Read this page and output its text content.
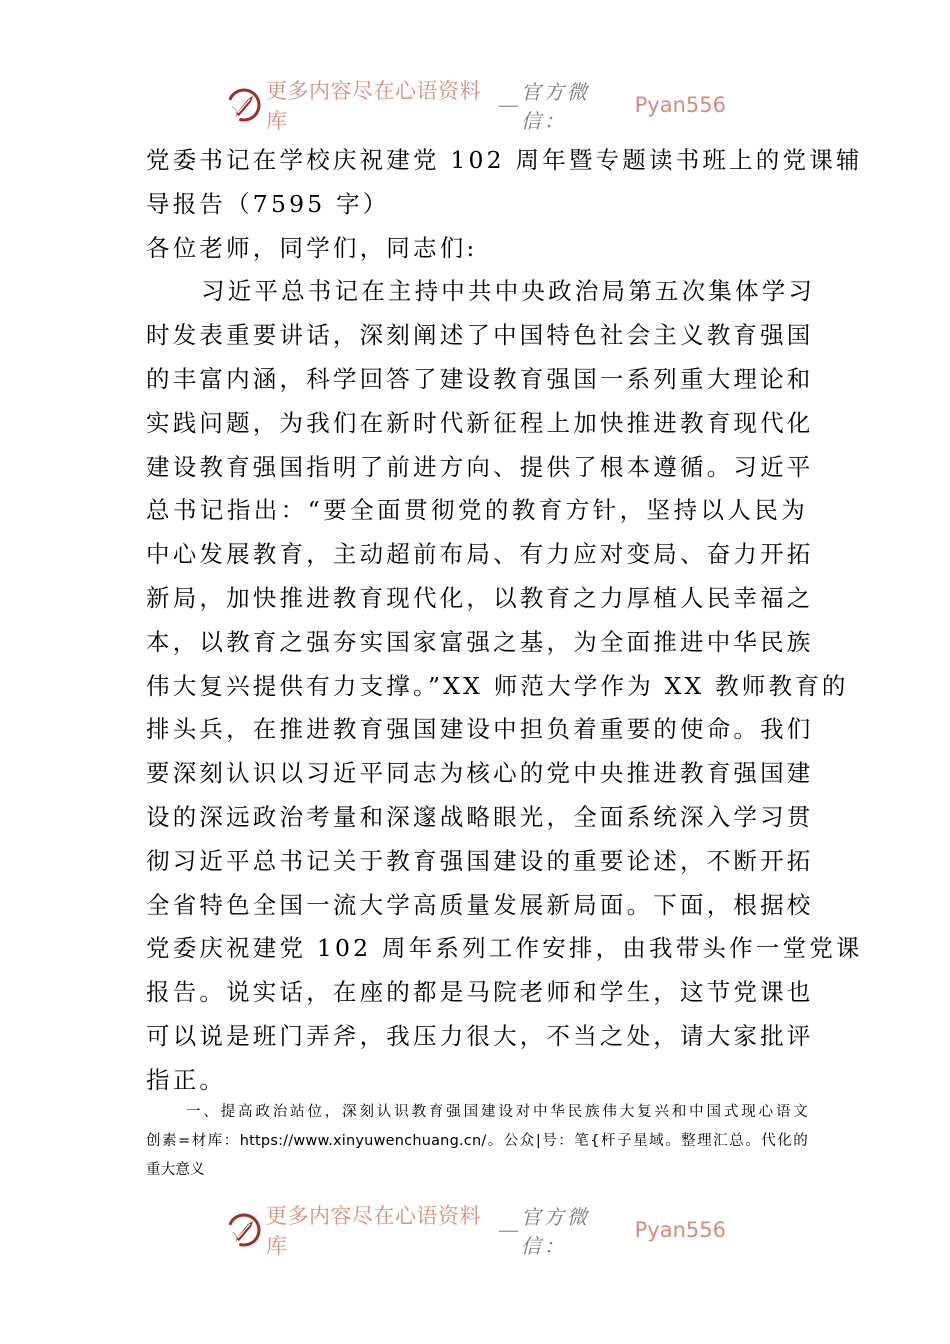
更多内容尽在心语资料库
—
官方微信：
Pyan556
党委书记在学校庆祝建党 102 周年暨专题读书班上的党课辅
导报告（7595 字）
各位老师，同学们，同志们:
习近平总书记在主持中共中央政治局第五次集体学习
时发表重要讲话，深刻阐述了中国特色社会主义教育强国
的丰富内涵，科学回答了建设教育强国一系列重大理论和
实践问题，为我们在新时代新征程上加快推进教育现代化
建设教育强国指明了前进方向、提供了根本遵循。习近平
总书记指出：“要全面贯彻党的教育方针，坚持以人民为
中心发展教育，主动超前布局、有力应对变局、奋力开拓
新局，加快推进教育现代化，以教育之力厚植人民幸福之
本，以教育之强夯实国家富强之基，为全面推进中华民族
伟大复兴提供有力支撑。”XX 师范大学作为 XX 教师教育的
排头兵，在推进教育强国建设中担负着重要的使命。我们
要深刻认识以习近平同志为核心的党中央推进教育强国建
设的深远政治考量和深邃战略眼光，全面系统深入学习贯
彻习近平总书记关于教育强国建设的重要论述，不断开拓
全省特色全国一流大学高质量发展新局面。下面，根据校
党委庆祝建党 102 周年系列工作安排，由我带头作一堂党课
报告。说实话，在座的都是马院老师和学生，这节党课也
可以说是班门弄斧，我压力很大，不当之处，请大家批评
指正。
一、提高政治站位，深刻认识教育强国建设对中华民族伟大复兴和中国式现心语文
创素=材库：https://www.xinyuwenchuang.cn/。公众|号：笔{杆子星域。整理汇总。代化的
重大意义
更多内容尽在心语资料库
—
官方微信：
Pyan556
